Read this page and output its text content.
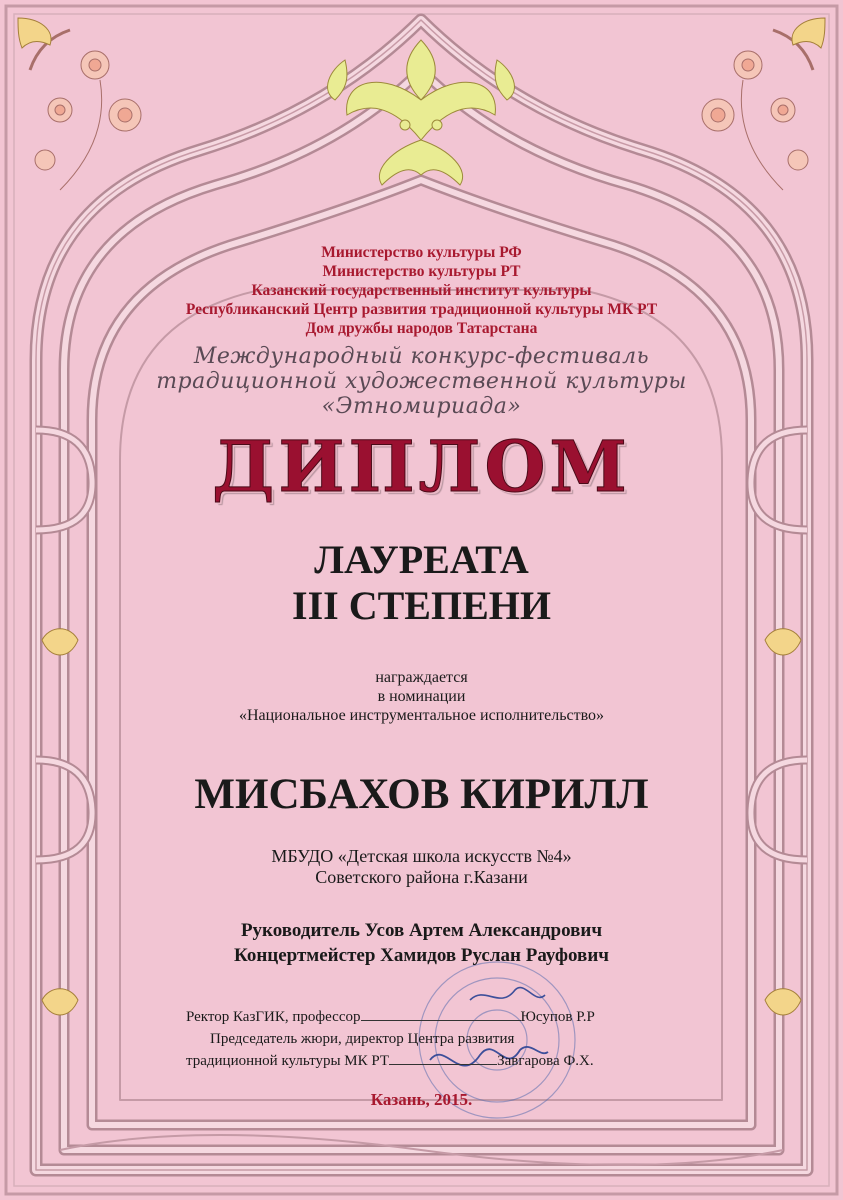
Министерство культуры РФ
Министерство культуры РТ
Казанский государственный институт культуры
Республиканский Центр развития традиционной культуры МК РТ
Дом дружбы народов Татарстана
Международный конкурс-фестиваль
традиционной художественной культуры
«Этномириада»
ДИПЛОМ
ЛАУРЕАТА
III СТЕПЕНИ
награждается
в номинации
«Национальное инструментальное исполнительство»
МИСБАХОВ КИРИЛЛ
МБУДО «Детская школа искусств №4»
Советского района г.Казани
Руководитель Усов Артем Александрович
Концертмейстер Хамидов Руслан Рауфович
Ректор КазГИК, профессор	Юсупов Р.Р
Председатель жюри, директор Центра развития
традиционной культуры МК РТ	Завгарова Ф.Х.
Казань, 2015.
